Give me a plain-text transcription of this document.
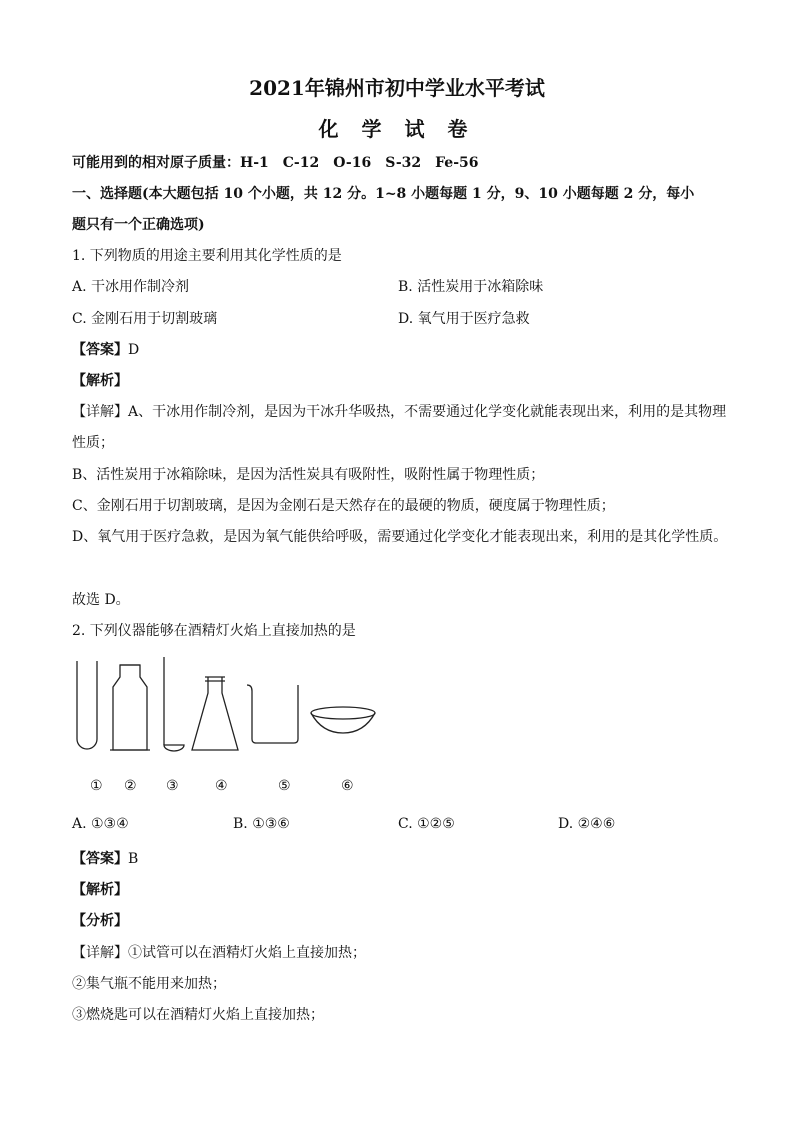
2021年锦州市初中学业水平考试
化 学 试 卷
可能用到的相对原子质量：H-1　C-12　O-16　S-32　Fe-56
一、选择题(本大题包括 10 个小题，共 12 分。1~8 小题每题 1 分，9、10 小题每题 2 分，每小
题只有一个正确选项)
1. 下列物质的用途主要利用其化学性质的是
A. 干冰用作制冷剂	B. 活性炭用于冰箱除味
C. 金刚石用于切割玻璃	D. 氧气用于医疗急救
【答案】D
【解析】
【详解】A、干冰用作制冷剂，是因为干冰升华吸热，不需要通过化学变化就能表现出来，利用的是其物理
性质；
B、活性炭用于冰箱除味，是因为活性炭具有吸附性，吸附性属于物理性质；
C、金刚石用于切割玻璃，是因为金刚石是天然存在的最硬的物质，硬度属于物理性质；
D、氧气用于医疗急救，是因为氧气能供给呼吸，需要通过化学变化才能表现出来，利用的是其化学性质。
故选 D。
2. 下列仪器能够在酒精灯火焰上直接加热的是
① ② ③	④	⑤	⑥
A. ①③④	B. ①③⑥	C. ①②⑤	D. ②④⑥
【答案】B
【解析】
【分析】
【详解】①试管可以在酒精灯火焰上直接加热；
②集气瓶不能用来加热；
③燃烧匙可以在酒精灯火焰上直接加热；
